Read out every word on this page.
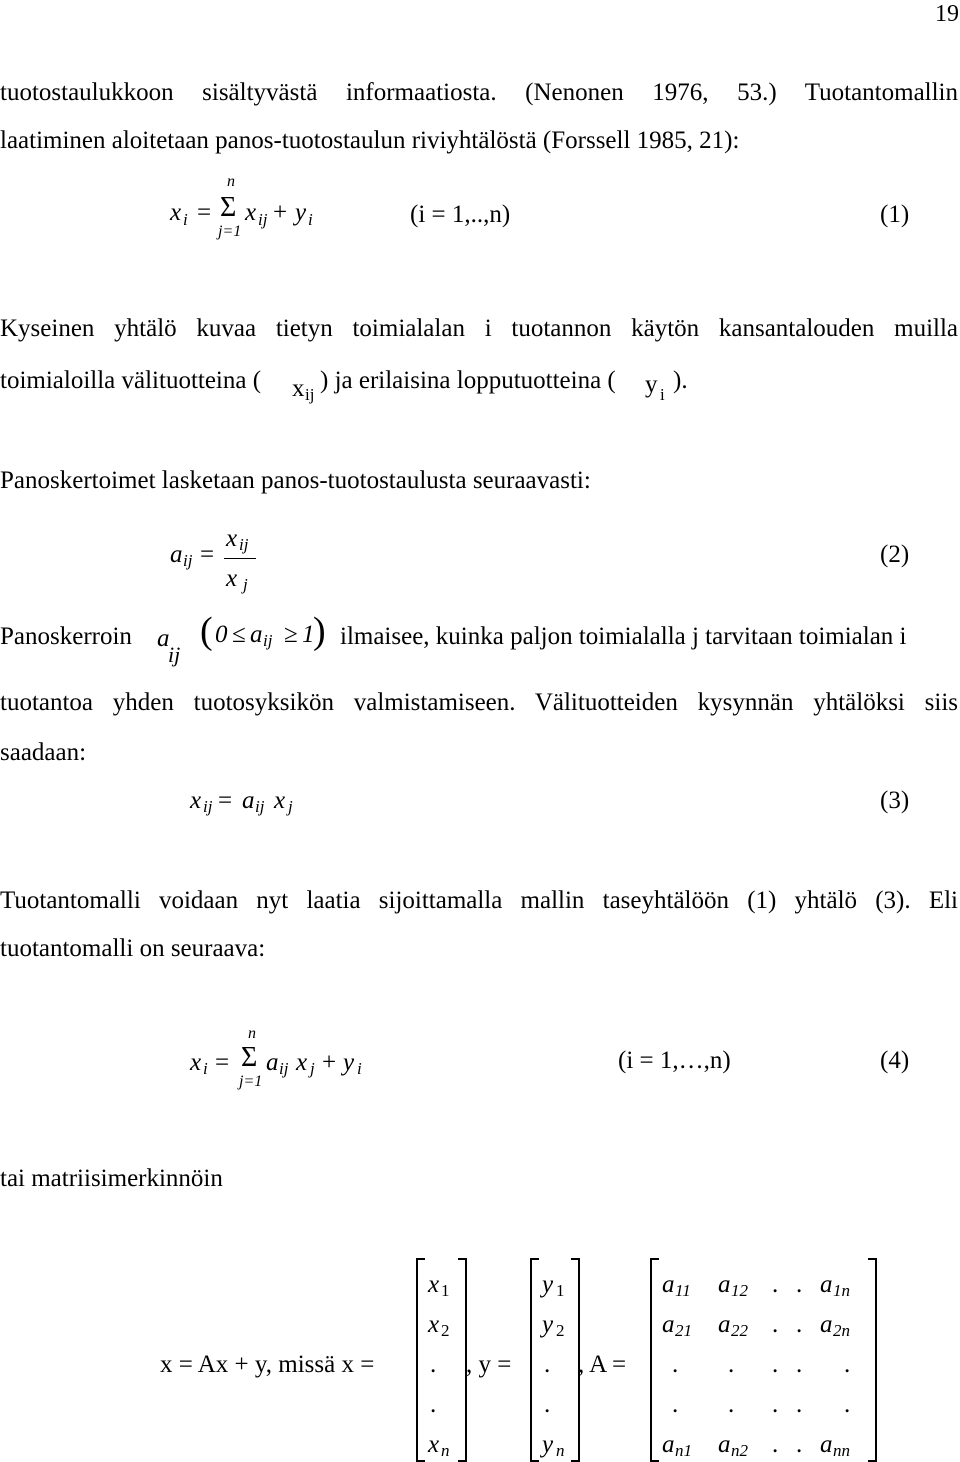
19
tuotostaulukkoon sisältyvästä informaatiosta. (Nenonen 1976, 53.) Tuotantomallin
laatiminen aloitetaan panos-tuotostaulun riviyhtälöstä (Forssell 1985, 21):
x i = Σ
n
j=1
x ij + y i	(i = 1,..,n)	(1)
Kyseinen yhtälö kuvaa tietyn toimialalan i tuotannon käytön kansantalouden muilla
toimialoilla välituotteina ( x ij
) ja erilaisina lopputuotteina ( y i
).
Panoskertoimet lasketaan panos-tuotostaulusta seuraavasti:
a ij =
x ij
x j
(2)
Panoskerroin a
ij
( 0 ≤ a ij ≥ 1
) ilmaisee, kuinka paljon toimialalla j tarvitaan toimialan i
tuotantoa yhden tuotosyksikön valmistamiseen. Välituotteiden kysynnän yhtälöksi siis
saadaan:
x ij = a ij x j	(3)
Tuotantomalli voidaan nyt laatia sijoittamalla mallin taseyhtälöön (1) yhtälö (3). Eli
tuotantomalli on seuraava:
x i = Σ
n
j=1
a ij x j + y i	(i = 1,…,n)	(4)
tai matriisimerkinnöin
x = Ax + y, missä x =
x 1
x 2
.
.
x n
, y =
y 1
y 2
.
.
y n
, A =
a 11 a 12 . . a 1n
a 21 a 22 . . a 2n
. . . . .
. . . . .
a n1 a n2 . . a nn
